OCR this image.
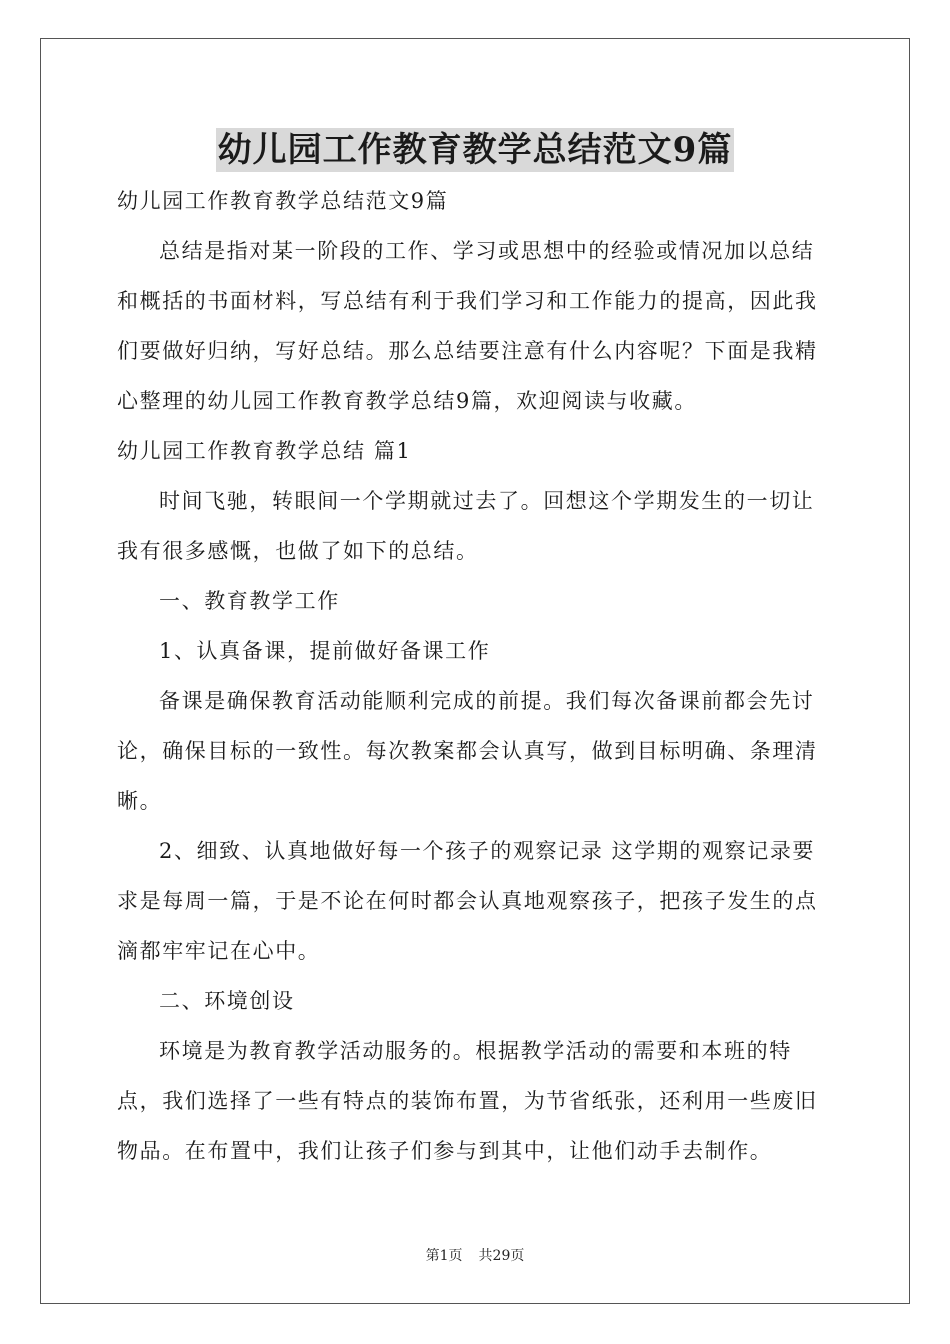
幼儿园工作教育教学总结范文9篇

幼儿园工作教育教学总结范文9篇

总结是指对某一阶段的工作、学习或思想中的经验或情况加以总结和概括的书面材料，写总结有利于我们学习和工作能力的提高，因此我们要做好归纳，写好总结。那么总结要注意有什么内容呢？下面是我精心整理的幼儿园工作教育教学总结9篇，欢迎阅读与收藏。

幼儿园工作教育教学总结 篇1

时间飞驰，转眼间一个学期就过去了。回想这个学期发生的一切让我有很多感慨，也做了如下的总结。

一、教育教学工作

1、认真备课，提前做好备课工作

备课是确保教育活动能顺利完成的前提。我们每次备课前都会先讨论，确保目标的一致性。每次教案都会认真写，做到目标明确、条理清晰。

2、细致、认真地做好每一个孩子的观察记录 这学期的观察记录要求是每周一篇，于是不论在何时都会认真地观察孩子，把孩子发生的点滴都牢牢记在心中。

二、环境创设

环境是为教育教学活动服务的。根据教学活动的需要和本班的特点，我们选择了一些有特点的装饰布置，为节省纸张，还利用一些废旧物品。在布置中，我们让孩子们参与到其中，让他们动手去制作。

第1页 共29页
